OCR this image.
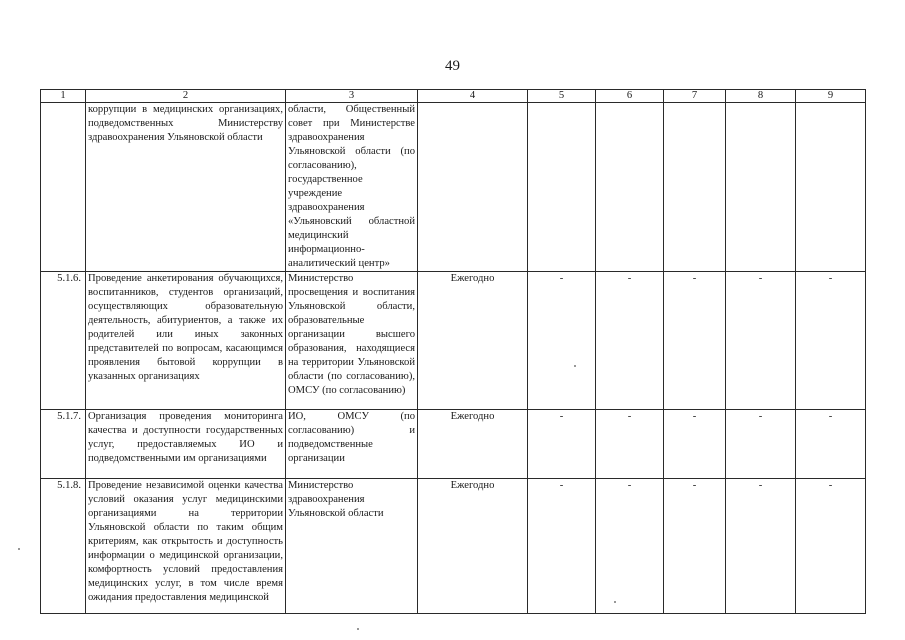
49
1	2	3	4	5	6	7	8	9
	коррупции в медицинских организациях, подведомственных Министерству здравоохранения Ульяновской области	области, Общественный совет при Министерстве здравоохранения Ульяновской области (по согласованию), государственное учреждение здравоохранения «Ульяновский областной медицинский информационно-аналитический центр»						
5.1.6.	Проведение анкетирования обучающихся, воспитанников, студентов организаций, осуществляющих образовательную деятельность, абитуриентов, а также их родителей или иных законных представителей по вопросам, касающимся проявления бытовой коррупции в указанных организациях	Министерство просвещения и воспитания Ульяновской области, образовательные организации высшего образования, находящиеся на территории Ульяновской области (по согласованию), ОМСУ (по согласованию)	Ежегодно	-	-	-	-	-
5.1.7.	Организация проведения мониторинга качества и доступности государственных услуг, предоставляемых ИО и подведомственными им организациями	ИО, ОМСУ (по согласованию) и подведомственные организации	Ежегодно	-	-	-	-	-
5.1.8.	Проведение независимой оценки качества условий оказания услуг медицинскими организациями на территории Ульяновской области по таким общим критериям, как открытость и доступность информации о медицинской организации, комфортность условий предоставления медицинских услуг, в том числе время ожидания предоставления медицинской	Министерство здравоохранения Ульяновской области	Ежегодно	-	-	-	-	-
